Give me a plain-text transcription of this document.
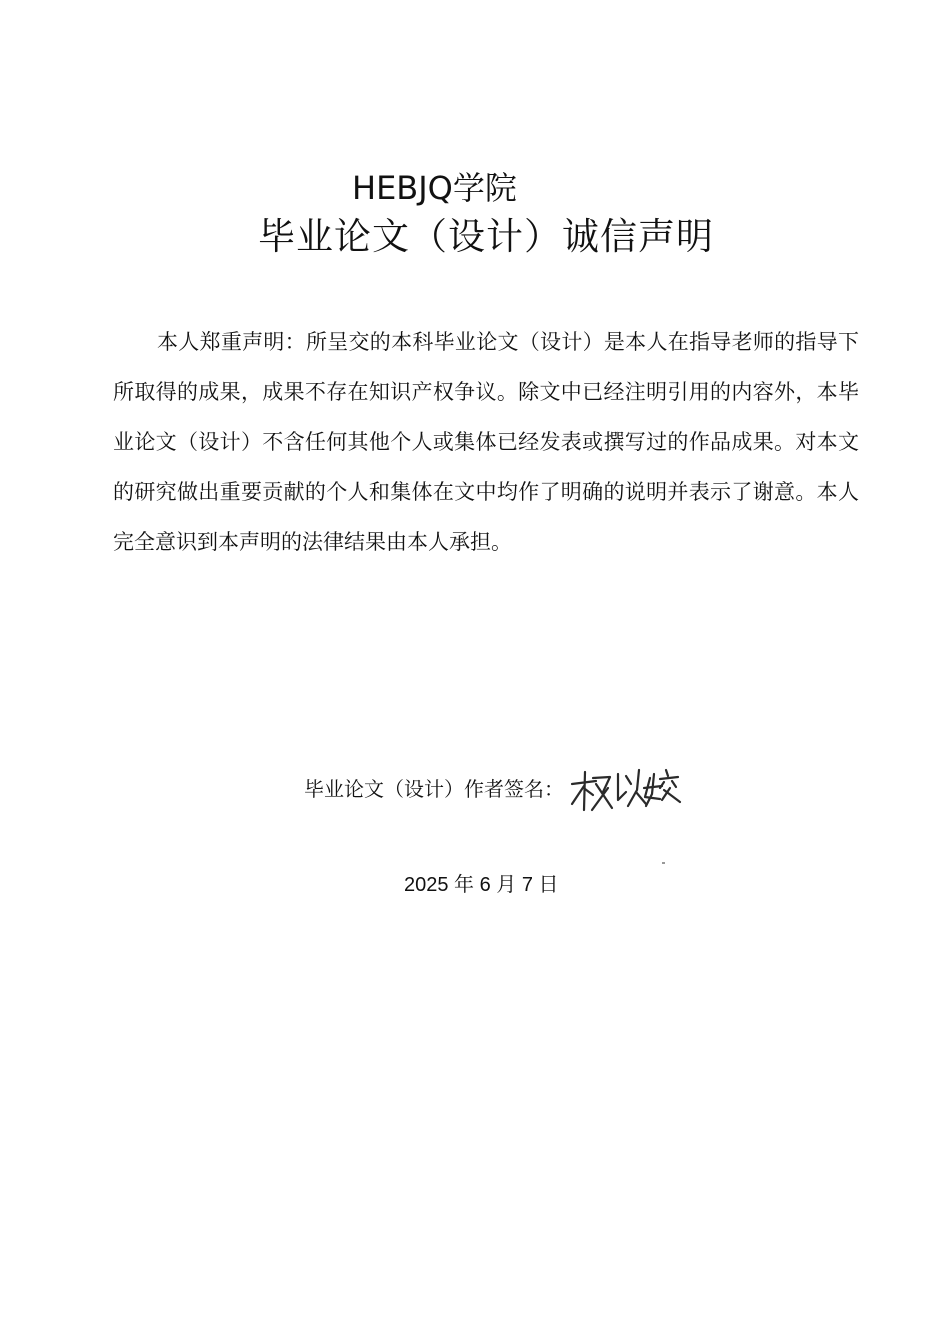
HEBJQ学院
毕业论文（设计）诚信声明

本人郑重声明：所呈交的本科毕业论文（设计）是本人在指导老师的指导下所取得的成果，成果不存在知识产权争议。除文中已经注明引用的内容外，本毕业论文（设计）不含任何其他个人或集体已经发表或撰写过的作品成果。对本文的研究做出重要贡献的个人和集体在文中均作了明确的说明并表示了谢意。本人完全意识到本声明的法律结果由本人承担。

毕业论文（设计）作者签名：
2025 年 6 月 7 日
